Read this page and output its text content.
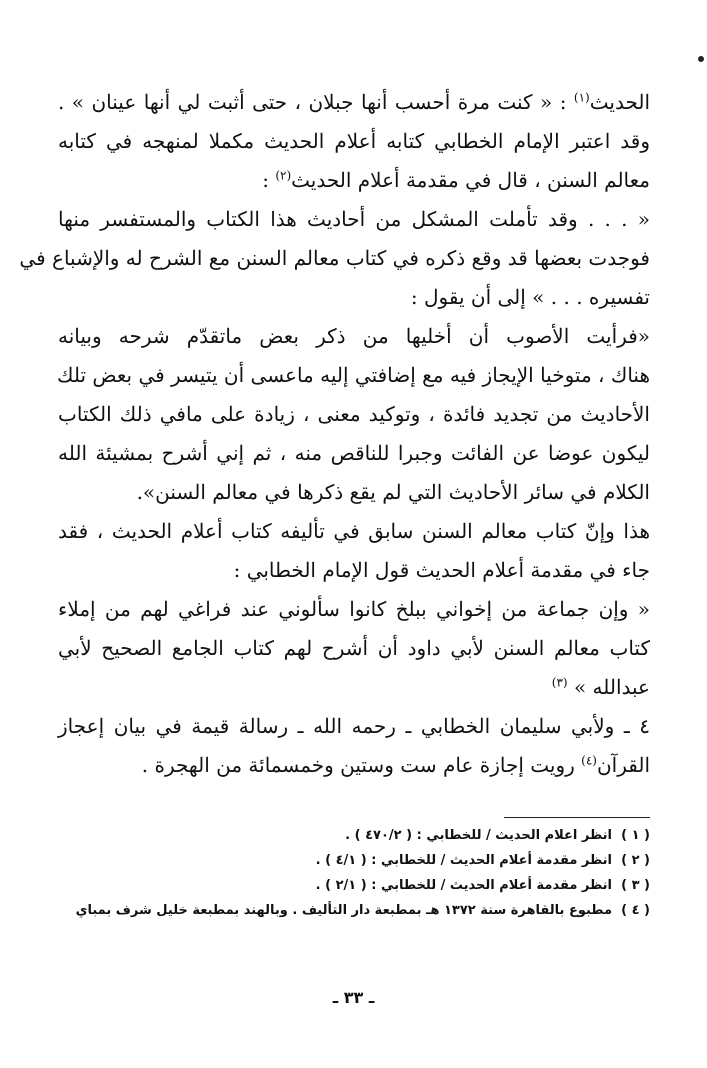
الحديث$^{(١)}$ : « كنت مرة أحسب أنها جبلان ، حتى أثبت لي أنها عينان » .
وقد اعتبر الإمام الخطابي كتابه أعلام الحديث مكملا لمنهجه في كتابه
معالم السنن ، قال في مقدمة أعلام الحديث$^{(٢)}$ :
« . . . وقد تأملت المشكل من أحاديث هذا الكتاب والمستفسر منها
فوجدت بعضها قد وقع ذكره في كتاب معالم السنن مع الشرح له والإشباع في
تفسيره . . . » إلى أن يقول :
«فرأيت الأصوب أن أخليها من ذكر بعض ماتقدّم شرحه وبيانه
هناك ، متوخيا الإيجاز فيه مع إضافتي إليه ماعسى أن يتيسر في بعض تلك
الأحاديث من تجديد فائدة ، وتوكيد معنى ، زيادة على مافي ذلك الكتاب
ليكون عوضا عن الفائت وجبرا للناقص منه ، ثم إني أشرح بمشيئة الله
الكلام في سائر الأحاديث التي لم يقع ذكرها في معالم السنن».
هذا وإنّ كتاب معالم السنن سابق في تأليفه كتاب أعلام الحديث ، فقد
جاء في مقدمة أعلام الحديث قول الإمام الخطابي :
« وإن جماعة من إخواني ببلخ كانوا سألوني عند فراغي لهم من إملاء
كتاب معالم السنن لأبي داود أن أشرح لهم كتاب الجامع الصحيح لأبي
عبدالله » $^{(٣)}$
٤ ـ ولأبي سليمان الخطابي ـ رحمه الله ـ رسالة قيمة في بيان إعجاز
القرآن$^{(٤)}$ رويت إجازة عام ست وستين وخمسمائة من الهجرة .
( ١ )انظر اعلام الحديث / للخطابي : ( ٤٧٠/٢ ) .
( ٢ )انظر مقدمة أعلام الحديث / للخطابي : ( ٤/١ ) .
( ٣ )انظر مقدمة أعلام الحديث / للخطابي : ( ٢/١ ) .
( ٤ )مطبوع بالقاهرة سنة ١٣٧٢ هـ بمطبعة دار التأليف . وبالهند بمطبعة خليل شرف بمباي
ـ ٣٣ ـ
